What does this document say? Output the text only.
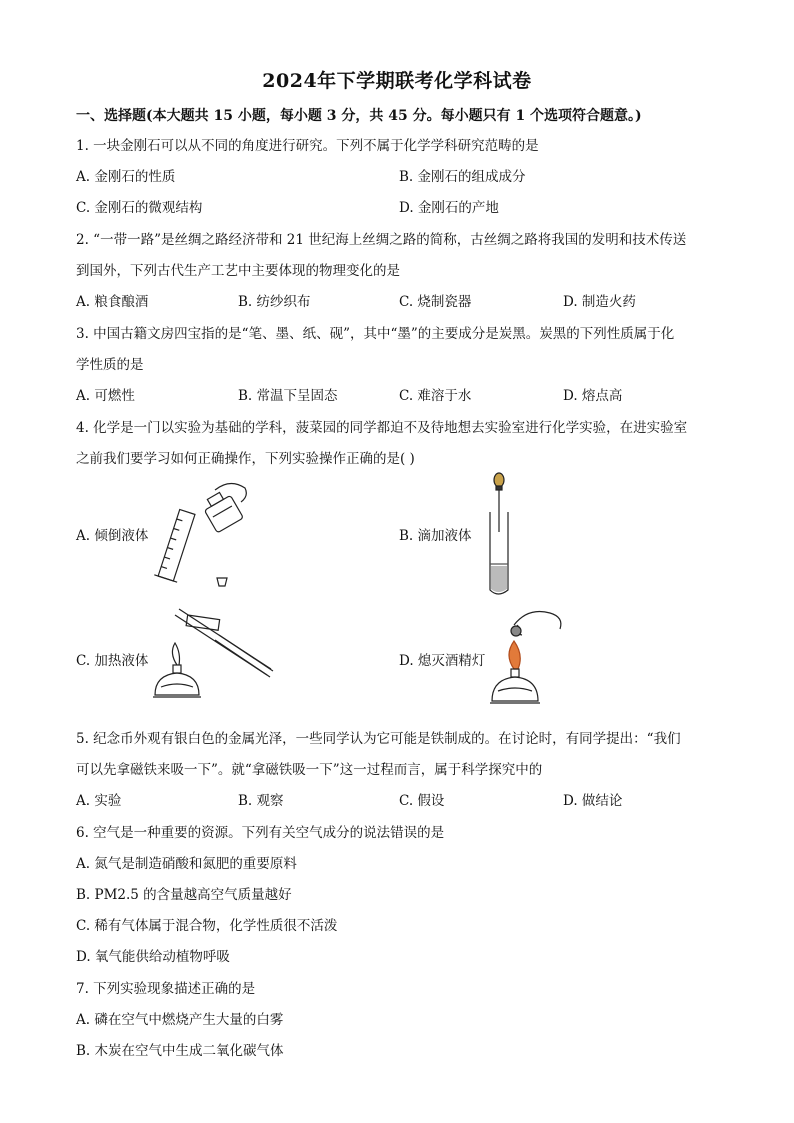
2024年下学期联考化学科试卷
一、选择题(本大题共 15 小题，每小题 3 分，共 45 分。每小题只有 1 个选项符合题意。)
1. 一块金刚石可以从不同的角度进行研究。下列不属于化学学科研究范畴的是
A. 金刚石的性质	B. 金刚石的组成成分
C. 金刚石的微观结构	D. 金刚石的产地
2. “一带一路”是丝绸之路经济带和 21 世纪海上丝绸之路的简称，古丝绸之路将我国的发明和技术传送
到国外，下列古代生产工艺中主要体现的物理变化的是
A. 粮食酿酒	B. 纺纱织布	C. 烧制瓷器	D. 制造火药
3. 中国古籍文房四宝指的是“笔、墨、纸、砚”，其中“墨”的主要成分是炭黑。炭黑的下列性质属于化
学性质的是
A. 可燃性	B. 常温下呈固态	C. 难溶于水	D. 熔点高
4. 化学是一门以实验为基础的学科，菠菜园的同学都迫不及待地想去实验室进行化学实验，在进实验室
之前我们要学习如何正确操作，下列实验操作正确的是( )
A. 倾倒液体	B. 滴加液体
C. 加热液体	D. 熄灭酒精灯
5. 纪念币外观有银白色的金属光泽，一些同学认为它可能是铁制成的。在讨论时，有同学提出：“我们
可以先拿磁铁来吸一下”。就“拿磁铁吸一下”这一过程而言，属于科学探究中的
A. 实验	B. 观察	C. 假设	D. 做结论
6. 空气是一种重要的资源。下列有关空气成分的说法错误的是
A. 氮气是制造硝酸和氮肥的重要原料
B. PM2.5 的含量越高空气质量越好
C. 稀有气体属于混合物，化学性质很不活泼
D. 氧气能供给动植物呼吸
7. 下列实验现象描述正确的是
A. 磷在空气中燃烧产生大量的白雾
B. 木炭在空气中生成二氧化碳气体
